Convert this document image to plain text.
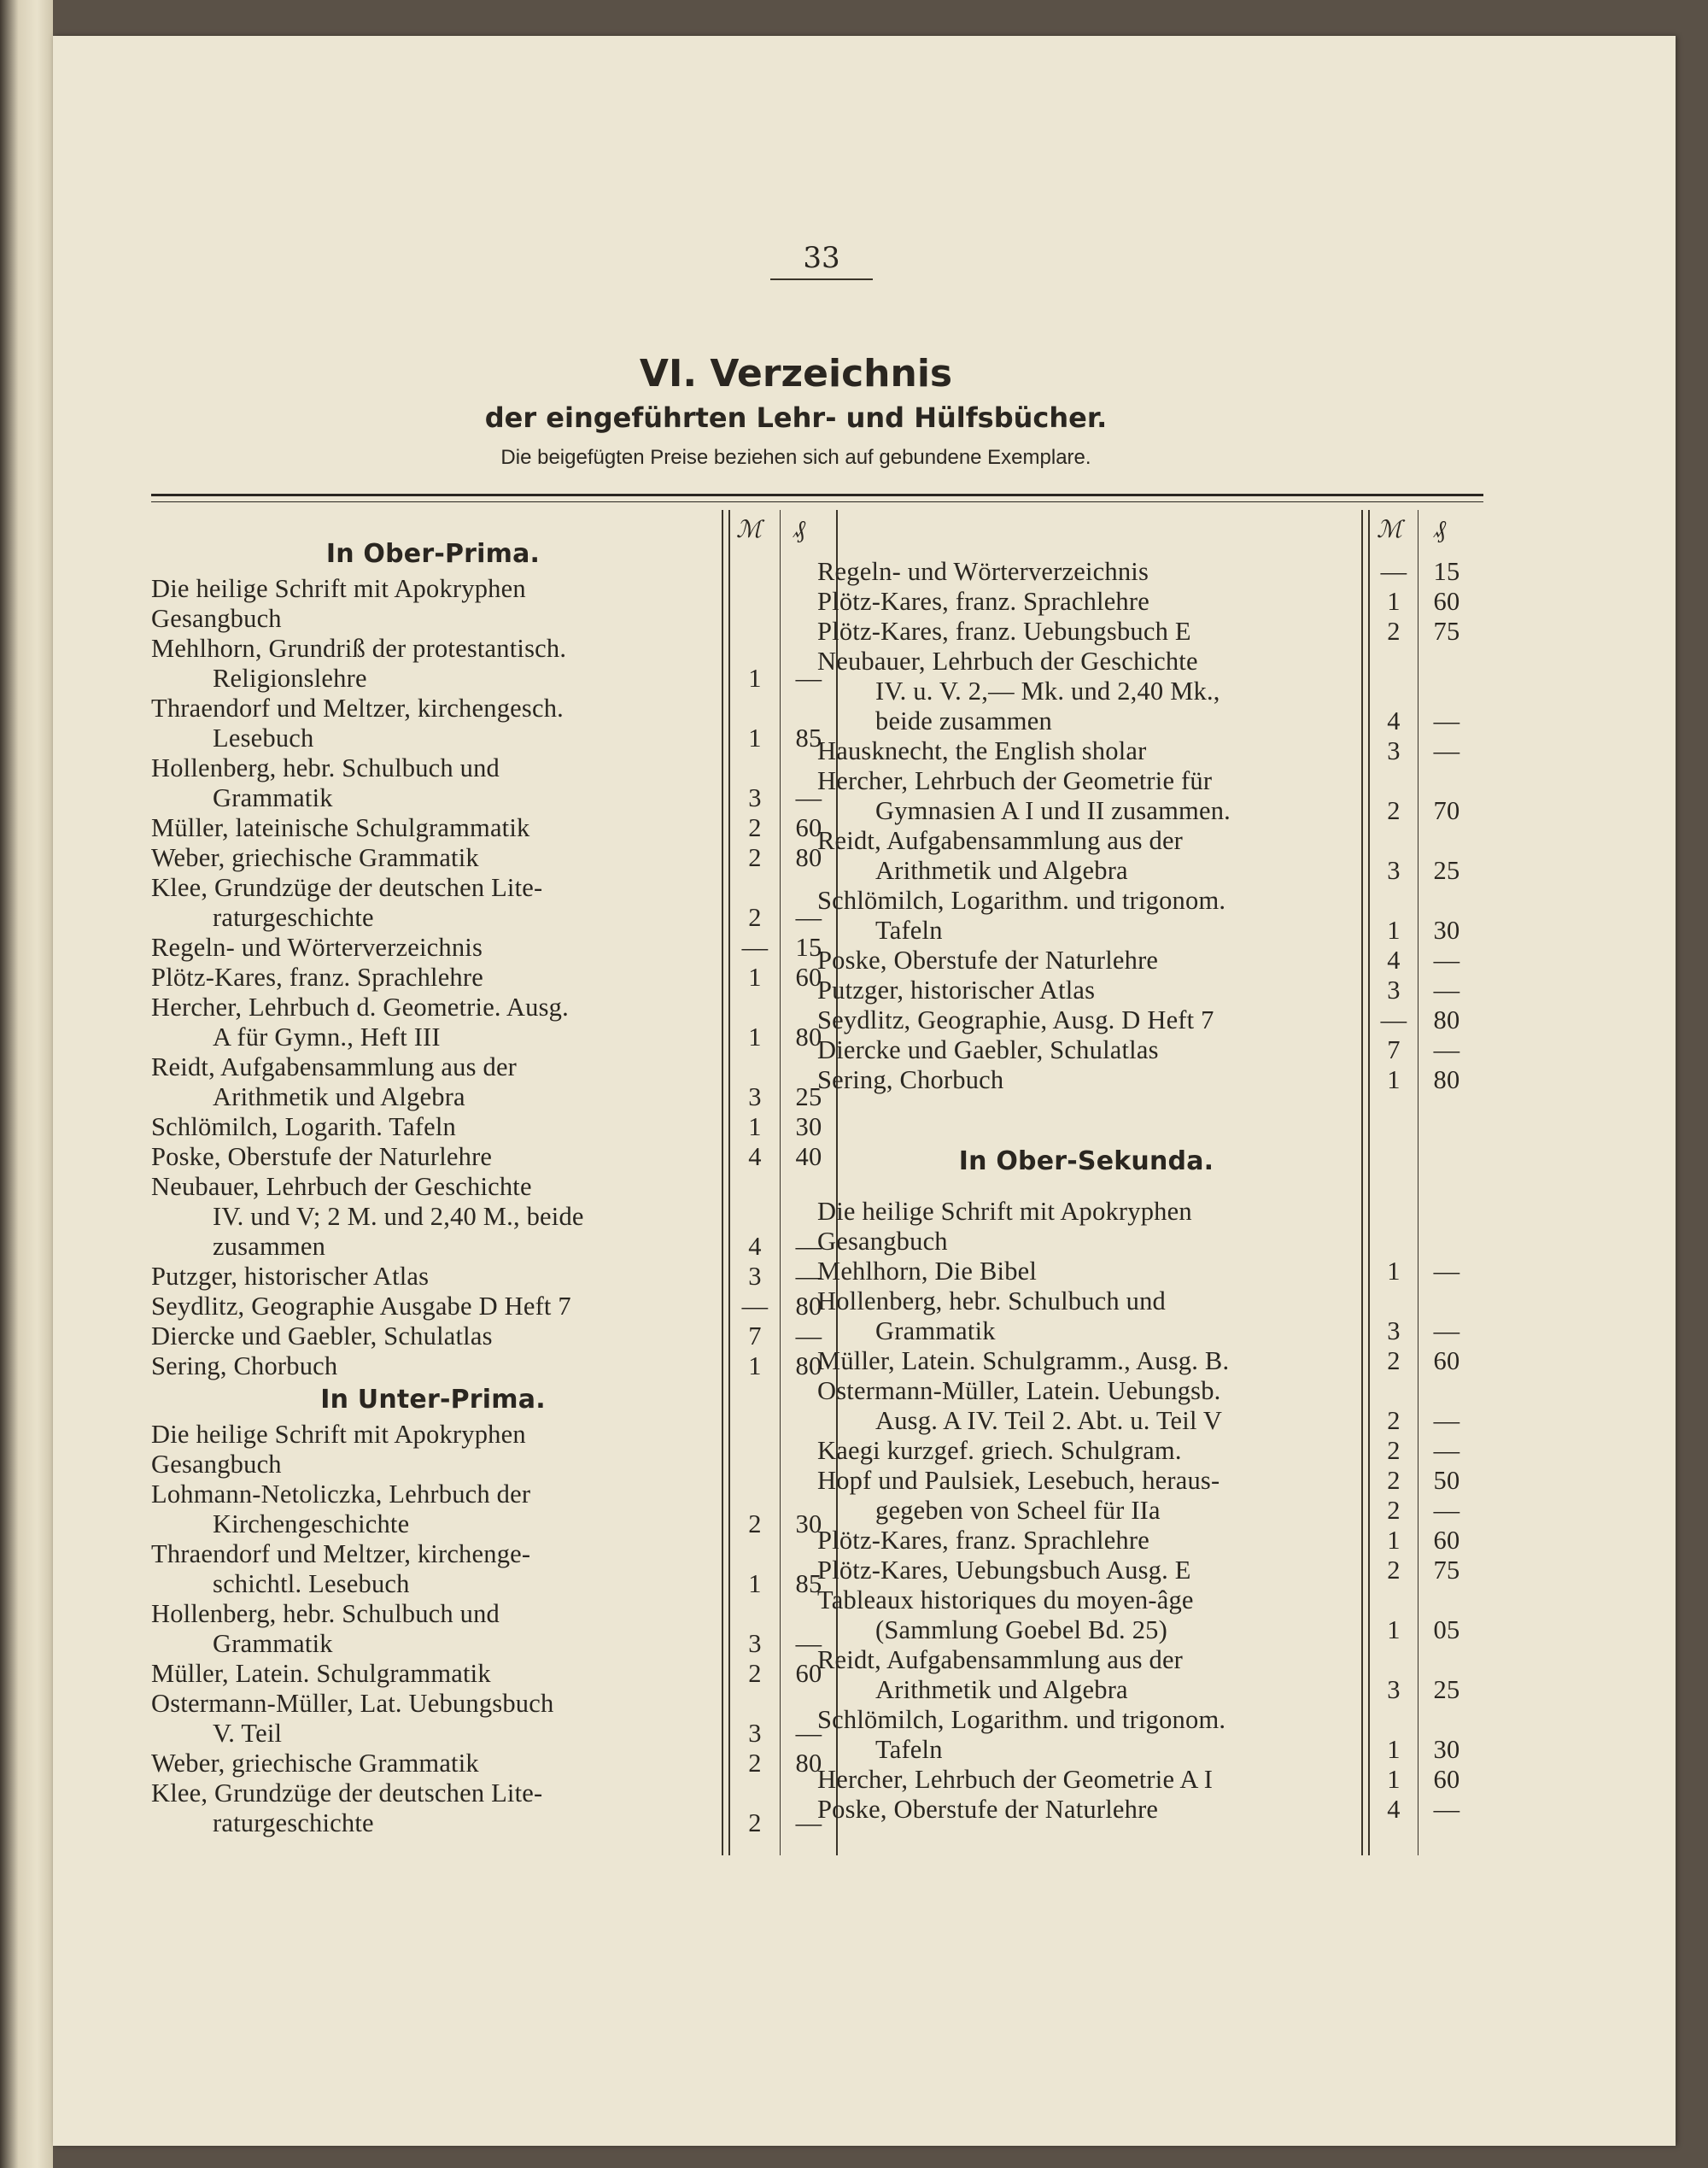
33
VI. Verzeichnis
der eingeführten Lehr- und Hülfsbücher.
Die beigefügten Preise beziehen sich auf gebundene Exemplare.
ℳ ₰
In Ober-Prima.
Die heilige Schrift mit Apokryphen
Gesangbuch
Mehlhorn, Grundriß der protestantisch.
Religionslehre	1	—
Thraendorf und Meltzer, kirchengesch.
Lesebuch	1	85
Hollenberg, hebr. Schulbuch und
Grammatik	3	—
Müller, lateinische Schulgrammatik	2	60
Weber, griechische Grammatik	2	80
Klee, Grundzüge der deutschen Lite-
raturgeschichte	2	—
Regeln- und Wörterverzeichnis	—	15
Plötz-Kares, franz. Sprachlehre	1	60
Hercher, Lehrbuch d. Geometrie. Ausg.
A für Gymn., Heft III	1	80
Reidt, Aufgabensammlung aus der
Arithmetik und Algebra	3	25
Schlömilch, Logarith. Tafeln	1	30
Poske, Oberstufe der Naturlehre	4	40
Neubauer, Lehrbuch der Geschichte
IV. und V; 2 M. und 2,40 M., beide
zusammen	4	—
Putzger, historischer Atlas	3	—
Seydlitz, Geographie Ausgabe D Heft 7	—	80
Diercke und Gaebler, Schulatlas	7	—
Sering, Chorbuch	1	80
In Unter-Prima.
Die heilige Schrift mit Apokryphen
Gesangbuch
Lohmann-Netoliczka, Lehrbuch der
Kirchengeschichte	2	30
Thraendorf und Meltzer, kirchenge-
schichtl. Lesebuch	1	85
Hollenberg, hebr. Schulbuch und
Grammatik	3	—
Müller, Latein. Schulgrammatik	2	60
Ostermann-Müller, Lat. Uebungsbuch
V. Teil	3	—
Weber, griechische Grammatik	2	80
Klee, Grundzüge der deutschen Lite-
raturgeschichte	2	—
ℳ ₰
Regeln- und Wörterverzeichnis	—	15
Plötz-Kares, franz. Sprachlehre	1	60
Plötz-Kares, franz. Uebungsbuch E	2	75
Neubauer, Lehrbuch der Geschichte
IV. u. V. 2,— Mk. und 2,40 Mk.,
beide zusammen	4	—
Hausknecht, the English sholar	3	—
Hercher, Lehrbuch der Geometrie für
Gymnasien A I und II zusammen.	2	70
Reidt, Aufgabensammlung aus der
Arithmetik und Algebra	3	25
Schlömilch, Logarithm. und trigonom.
Tafeln	1	30
Poske, Oberstufe der Naturlehre	4	—
Putzger, historischer Atlas	3	—
Seydlitz, Geographie, Ausg. D Heft 7	—	80
Diercke und Gaebler, Schulatlas	7	—
Sering, Chorbuch	1	80
In Ober-Sekunda.
Die heilige Schrift mit Apokryphen
Gesangbuch
Mehlhorn, Die Bibel	1	—
Hollenberg, hebr. Schulbuch und
Grammatik	3	—
Müller, Latein. Schulgramm., Ausg. B.	2	60
Ostermann-Müller, Latein. Uebungsb.
Ausg. A IV. Teil 2. Abt. u. Teil V	2	—
Kaegi kurzgef. griech. Schulgram.	2	—
Hopf und Paulsiek, Lesebuch, heraus-	2	50
gegeben von Scheel für IIa	2	—
Plötz-Kares, franz. Sprachlehre	1	60
Plötz-Kares, Uebungsbuch Ausg. E	2	75
Tableaux historiques du moyen-âge
(Sammlung Goebel Bd. 25)	1	05
Reidt, Aufgabensammlung aus der
Arithmetik und Algebra	3	25
Schlömilch, Logarithm. und trigonom.
Tafeln	1	30
Hercher, Lehrbuch der Geometrie A I	1	60
Poske, Oberstufe der Naturlehre	4	—
